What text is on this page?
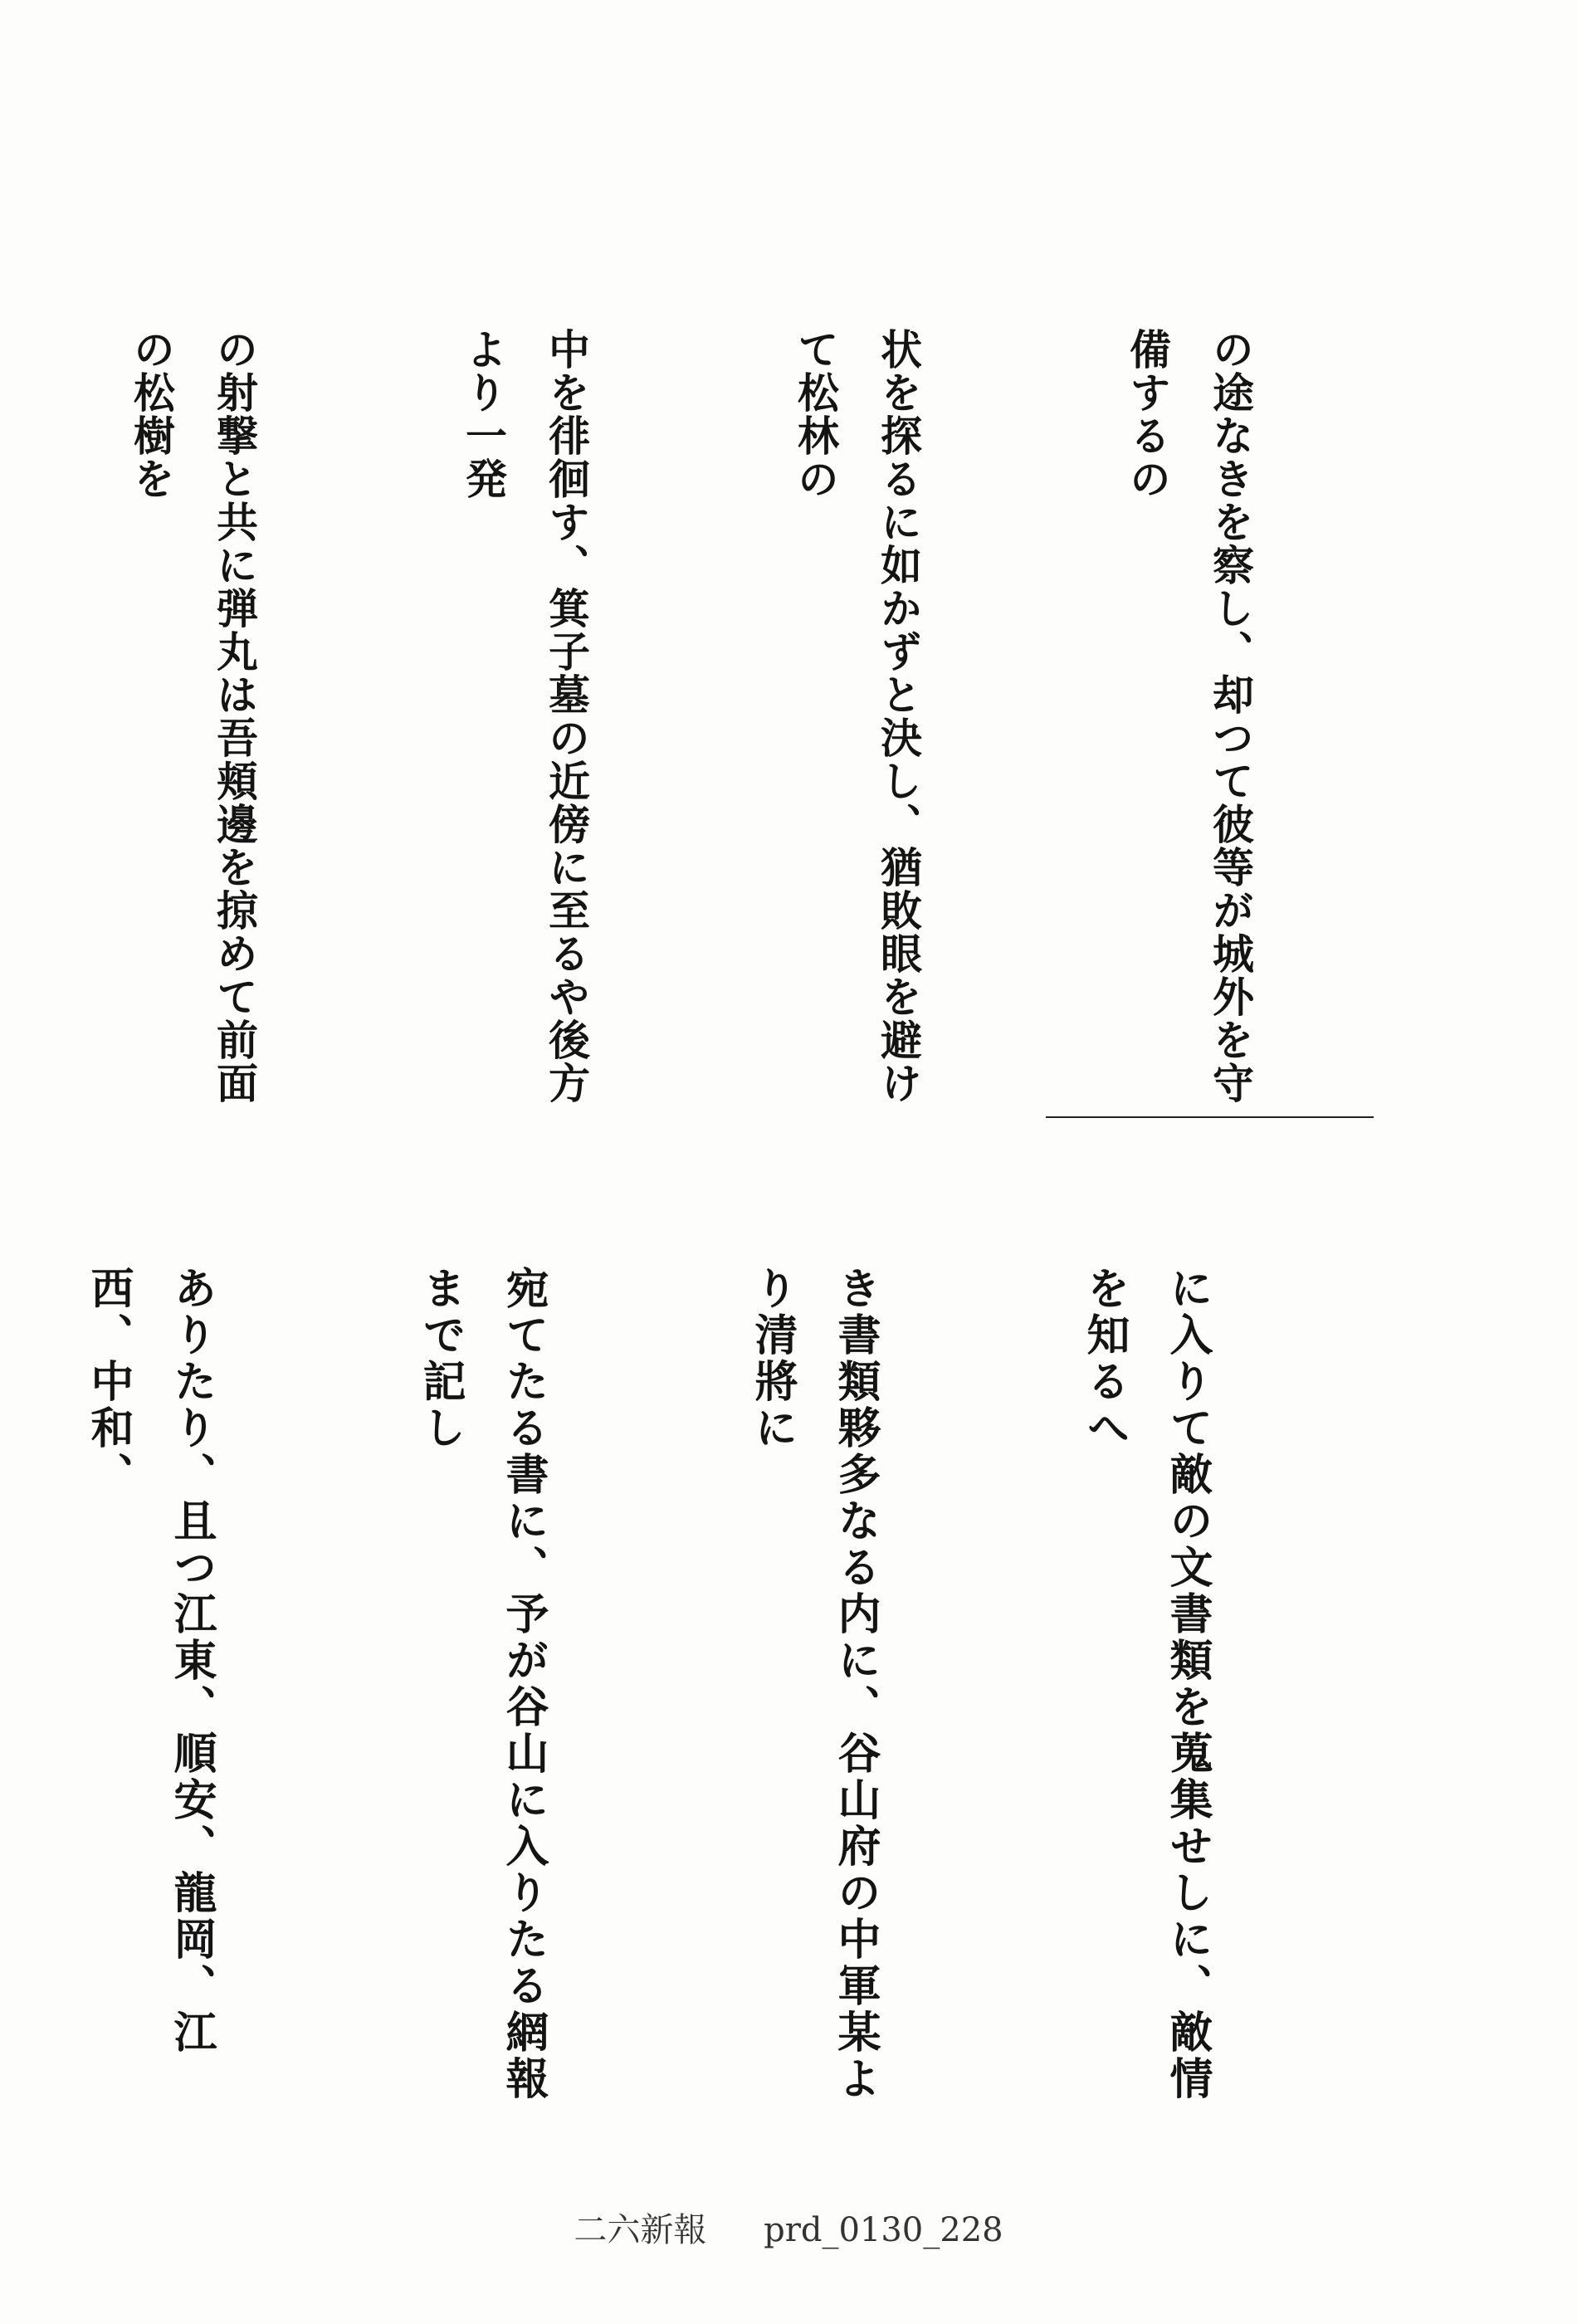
の途なきを察し、却つて彼等が城外を守備するの

状を探るに如かずと決し、猶敗眼を避けて松林の

中を徘徊す、箕子墓の近傍に至るや後方より一発

の射撃と共に弾丸は吾頬邊を掠めて前面の松樹を

に入りて敵の文書類を蒐集せしに、敵情を知るへ

き書類夥多なる内に、谷山府の中軍某より清將に

宛てたる書に、予が谷山に入りたる網報まで記し

ありたり、且つ江東、順安、龍岡、江西、中和、

二六新報 prd_0130_228
